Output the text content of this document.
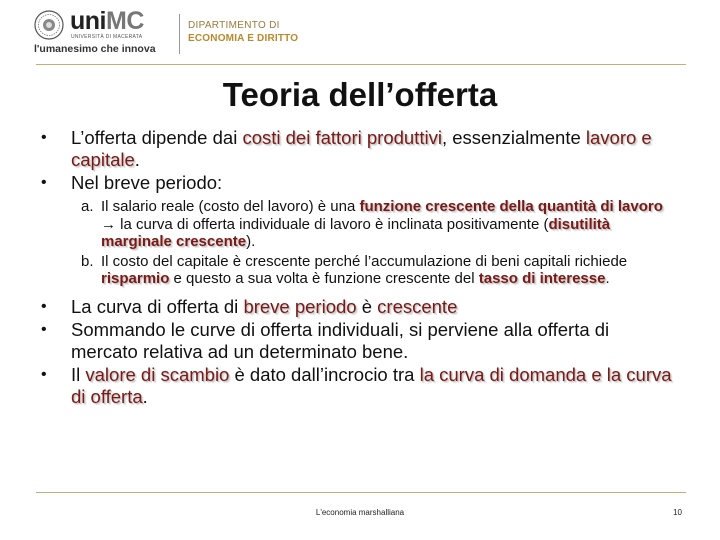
uniMC
UNIVERSITÀ DI MACERATA
l'umanesimo che innova
DIPARTIMENTO DI
ECONOMIA E DIRITTO
Teoria dell’offerta
• L’offerta dipende dai costi dei fattori produttivi, essenzialmente lavoro e capitale.
• Nel breve periodo:
a. Il salario reale (costo del lavoro) è una funzione crescente della quantità di lavoro → la curva di offerta individuale di lavoro è inclinata positivamente (disutilità marginale crescente).
b. Il costo del capitale è crescente perché l’accumulazione di beni capitali richiede risparmio e questo a sua volta è funzione crescente del tasso di interesse.
• La curva di offerta di breve periodo è crescente
• Sommando le curve di offerta individuali, si perviene alla offerta di mercato relativa ad un determinato bene.
• Il valore di scambio è dato dall’incrocio tra la curva di domanda e la curva di offerta.
L'economia marshalliana	10
